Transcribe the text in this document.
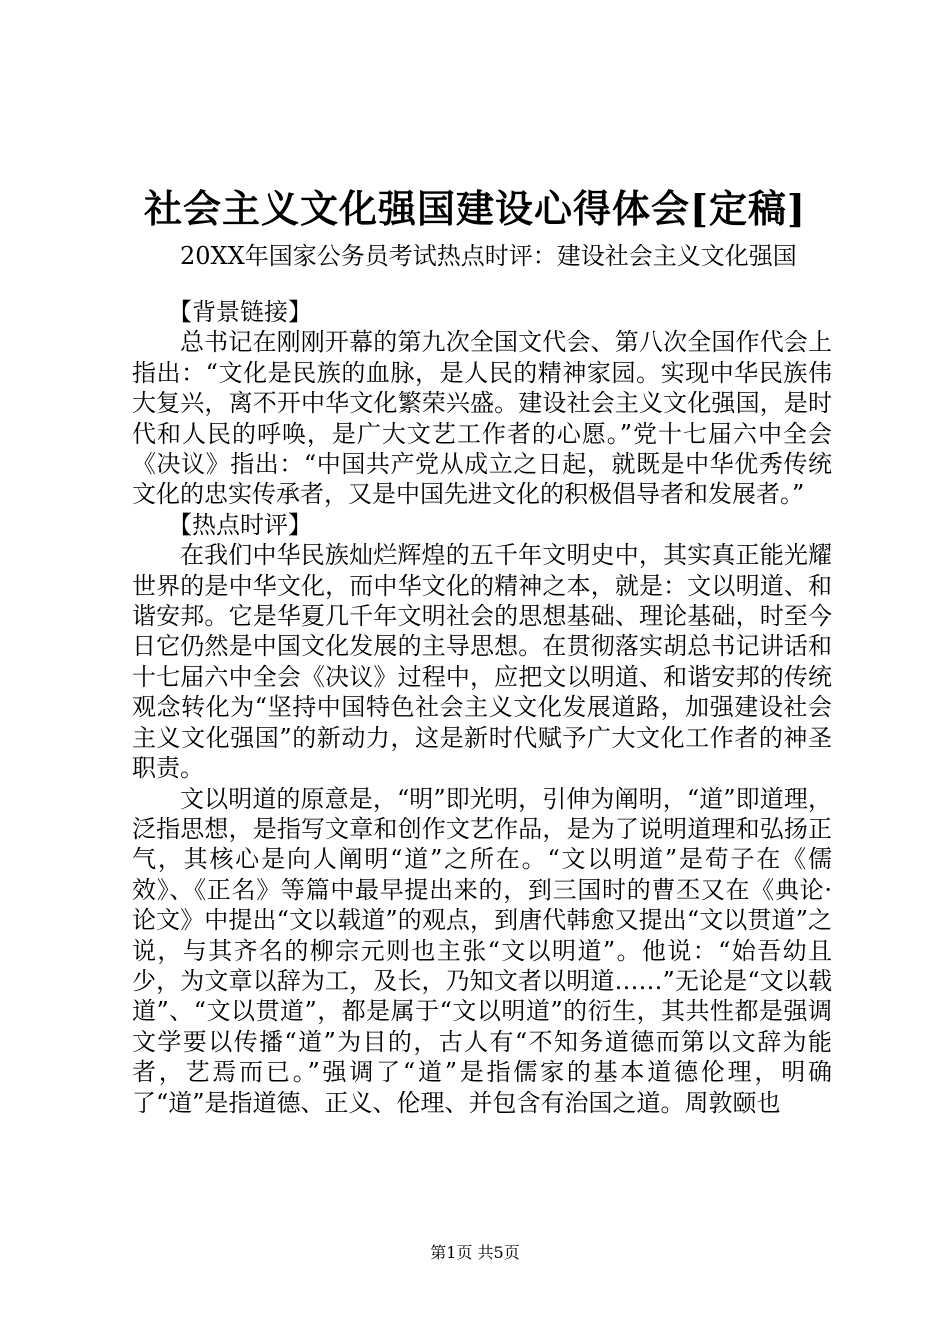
社会主义文化强国建设心得体会[定稿]
20XX年国家公务员考试热点时评：建设社会主义文化强国

【背景链接】

总书记在刚刚开幕的第九次全国文代会、第八次全国作代会上指出：“文化是民族的血脉，是人民的精神家园。实现中华民族伟大复兴，离不开中华文化繁荣兴盛。建设社会主义文化强国，是时代和人民的呼唤，是广大文艺工作者的心愿。”党十七届六中全会《决议》指出：“中国共产党从成立之日起，就既是中华优秀传统文化的忠实传承者，又是中国先进文化的积极倡导者和发展者。”

【热点时评】

在我们中华民族灿烂辉煌的五千年文明史中，其实真正能光耀世界的是中华文化，而中华文化的精神之本，就是：文以明道、和谐安邦。它是华夏几千年文明社会的思想基础、理论基础，时至今日它仍然是中国文化发展的主导思想。在贯彻落实胡总书记讲话和十七届六中全会《决议》过程中，应把文以明道、和谐安邦的传统观念转化为“坚持中国特色社会主义文化发展道路，加强建设社会主义文化强国”的新动力，这是新时代赋予广大文化工作者的神圣职责。

文以明道的原意是，“明”即光明，引伸为阐明，“道”即道理，泛指思想，是指写文章和创作文艺作品，是为了说明道理和弘扬正气，其核心是向人阐明“道”之所在。“文以明道”是荀子在《儒效》、《正名》等篇中最早提出来的，到三国时的曹丕又在《典论·论文》中提出“文以载道”的观点，到唐代韩愈又提出“文以贯道”之说，与其齐名的柳宗元则也主张“文以明道”。他说：“始吾幼且少，为文章以辞为工，及长，乃知文者以明道……”无论是“文以载道”、“文以贯道”，都是属于“文以明道”的衍生，其共性都是强调文学要以传播“道”为目的，古人有“不知务道德而第以文辞为能者，艺焉而已。”强调了“道”是指儒家的基本道德伦理，明确了“道”是指道德、正义、伦理、并包含有治国之道。周敦颐也

第1页 共5页
